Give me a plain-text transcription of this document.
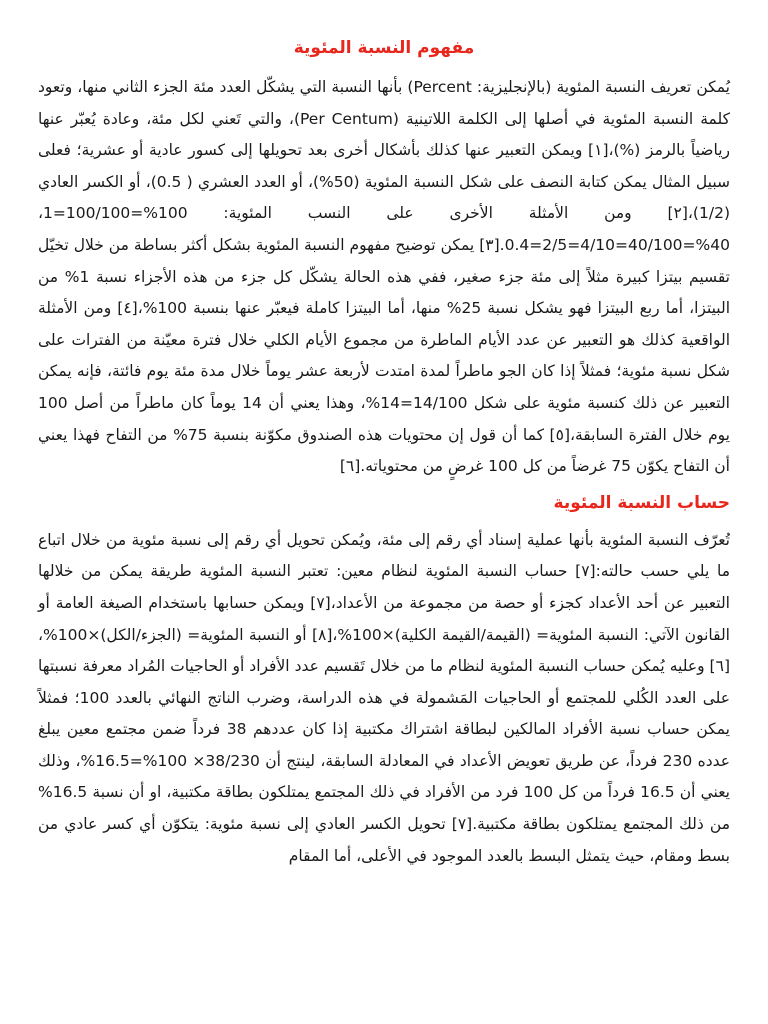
مفهوم النسبة المئوية

يُمكن تعريف النسبة المئوية (بالإنجليزية: Percent) بأنها النسبة التي يشكّل العدد مئة الجزء الثاني منها، وتعود كلمة النسبة المئوية في أصلها إلى الكلمة اللاتينية (Per Centum)، والتي تَعني لكل مئة، وعادة يُعبّر عنها رياضياً بالرمز (%)،[١] ويمكن التعبير عنها كذلك بأشكال أخرى بعد تحويلها إلى كسور عادية أو عشرية؛ فعلى سبيل المثال يمكن كتابة النصف على شكل النسبة المئوية (50%)، أو العدد العشري ( 0.5)، أو الكسر العادي (1/2)،[٢] ومن الأمثلة الأخرى على النسب المئوية: 100%=100/100=1، 40%=40/100=4/10=2/5=0.4.[٣] يمكن توضيح مفهوم النسبة المئوية بشكل أكثر بساطة من خلال تخيّل تقسيم بيتزا كبيرة مثلاً إلى مئة جزء صغير، ففي هذه الحالة يشكّل كل جزء من هذه الأجزاء نسبة 1% من البيتزا، أما ربع البيتزا فهو يشكل نسبة 25% منها، أما البيتزا كاملة فيعبّر عنها بنسبة 100%،[٤] ومن الأمثلة الواقعية كذلك هو التعبير عن عدد الأيام الماطرة من مجموع الأيام الكلي خلال فترة معيّنة من الفترات على شكل نسبة مئوية؛ فمثلاً إذا كان الجو ماطراً لمدة امتدت لأربعة عشر يوماً خلال مدة مئة يوم فائتة، فإنه يمكن التعبير عن ذلك كنسبة مئوية على شكل 14/100=14%، وهذا يعني أن 14 يوماً كان ماطراً من أصل 100 يوم خلال الفترة السابقة،[٥] كما أن قول إن محتويات هذه الصندوق مكوّنة بنسبة 75% من التفاح فهذا يعني أن التفاح يكوّن 75 غرضاً من كل 100 غرضٍ من محتوياته.[٦]

حساب النسبة المئوية

تُعرّف النسبة المئوية بأنها عملية إسناد أي رقم إلى مئة، ويُمكن تحويل أي رقم إلى نسبة مئوية من خلال اتباع ما يلي حسب حالته:[٧] حساب النسبة المئوية لنظام معين: تعتبر النسبة المئوية طريقة يمكن من خلالها التعبير عن أحد الأعداد كجزء أو حصة من مجموعة من الأعداد،[٧] ويمكن حسابها باستخدام الصيغة العامة أو القانون الآتي: النسبة المئوية= (القيمة/القيمة الكلية)×100%،[٨] أو النسبة المئوية= (الجزء/الكل)×100%،[٦] وعليه يُمكن حساب النسبة المئوية لنظام ما من خلال تَقسيم عدد الأفراد أو الحاجيات المُراد معرفة نسبتها على العدد الكُلي للمجتمع أو الحاجيات المَشمولة في هذه الدراسة، وضرب الناتج النهائي بالعدد 100؛ فمثلاً يمكن حساب نسبة الأفراد المالكين لبطاقة اشتراك مكتبية إذا كان عددهم 38 فرداً ضمن مجتمع معين يبلغ عدده 230 فرداً، عن طريق تعويض الأعداد في المعادلة السابقة، لينتج أن 38/230× 100%=16.5%، وذلك يعني أن 16.5 فرداً من كل 100 فرد من الأفراد في ذلك المجتمع يمتلكون بطاقة مكتبية، او أن نسبة 16.5% من ذلك المجتمع يمتلكون بطاقة مكتبية.[٧] تحويل الكسر العادي إلى نسبة مئوية: يتكوّن أي كسر عادي من بسط ومقام، حيث يتمثل البسط بالعدد الموجود في الأعلى، أما المقام
